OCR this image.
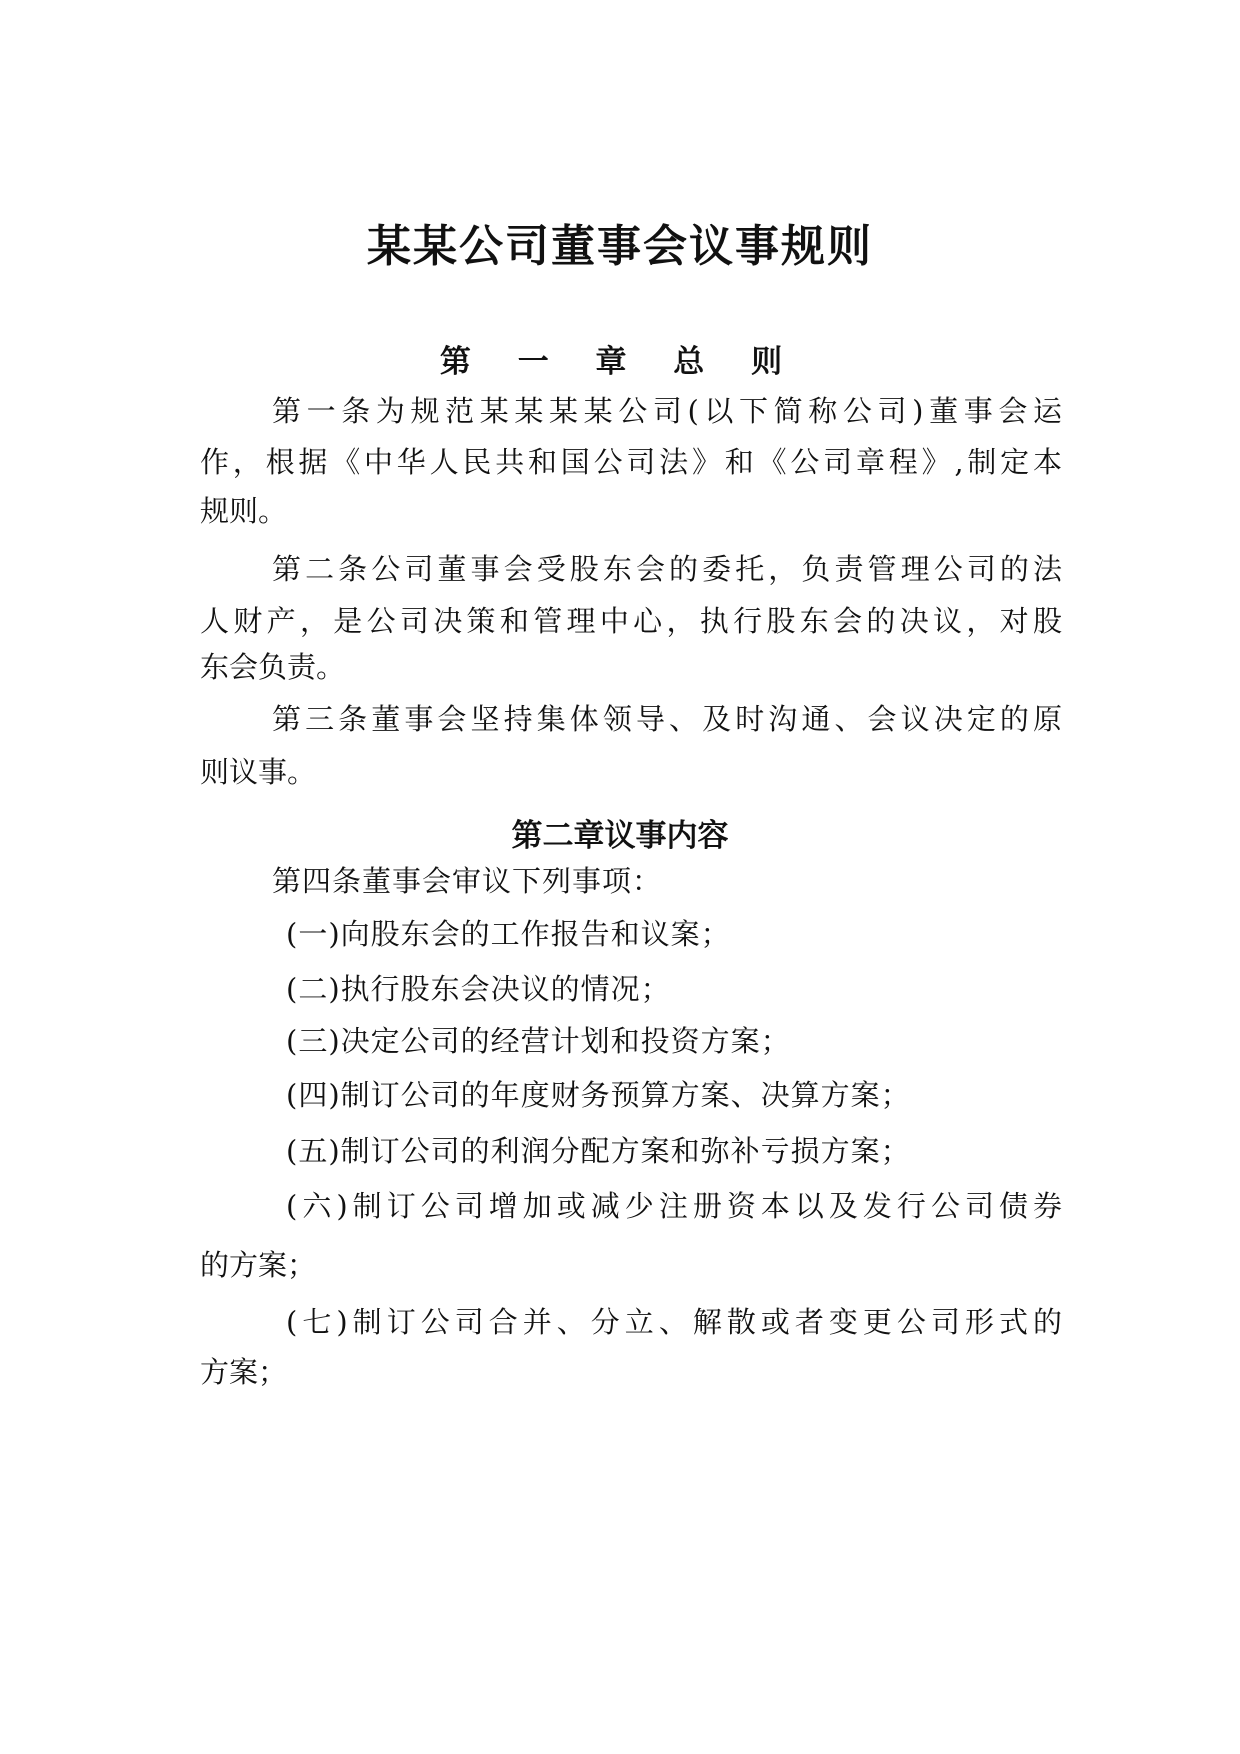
某某公司董事会议事规则
第 一 章 总 则

第一条为规范某某某某公司(以下简称公司)董事会运

作，根据《中华人民共和国公司法》和《公司章程》,制定本

规则。

第二条公司董事会受股东会的委托，负责管理公司的法

人财产，是公司决策和管理中心，执行股东会的决议，对股

东会负责。

第三条董事会坚持集体领导、及时沟通、会议决定的原

则议事。

第二章议事内容

第四条董事会审议下列事项：

(一)向股东会的工作报告和议案；

(二)执行股东会决议的情况；

(三)决定公司的经营计划和投资方案；

(四)制订公司的年度财务预算方案、决算方案；

(五)制订公司的利润分配方案和弥补亏损方案；

(六)制订公司增加或减少注册资本以及发行公司债券

的方案；

(七)制订公司合并、分立、解散或者变更公司形式的

方案；
